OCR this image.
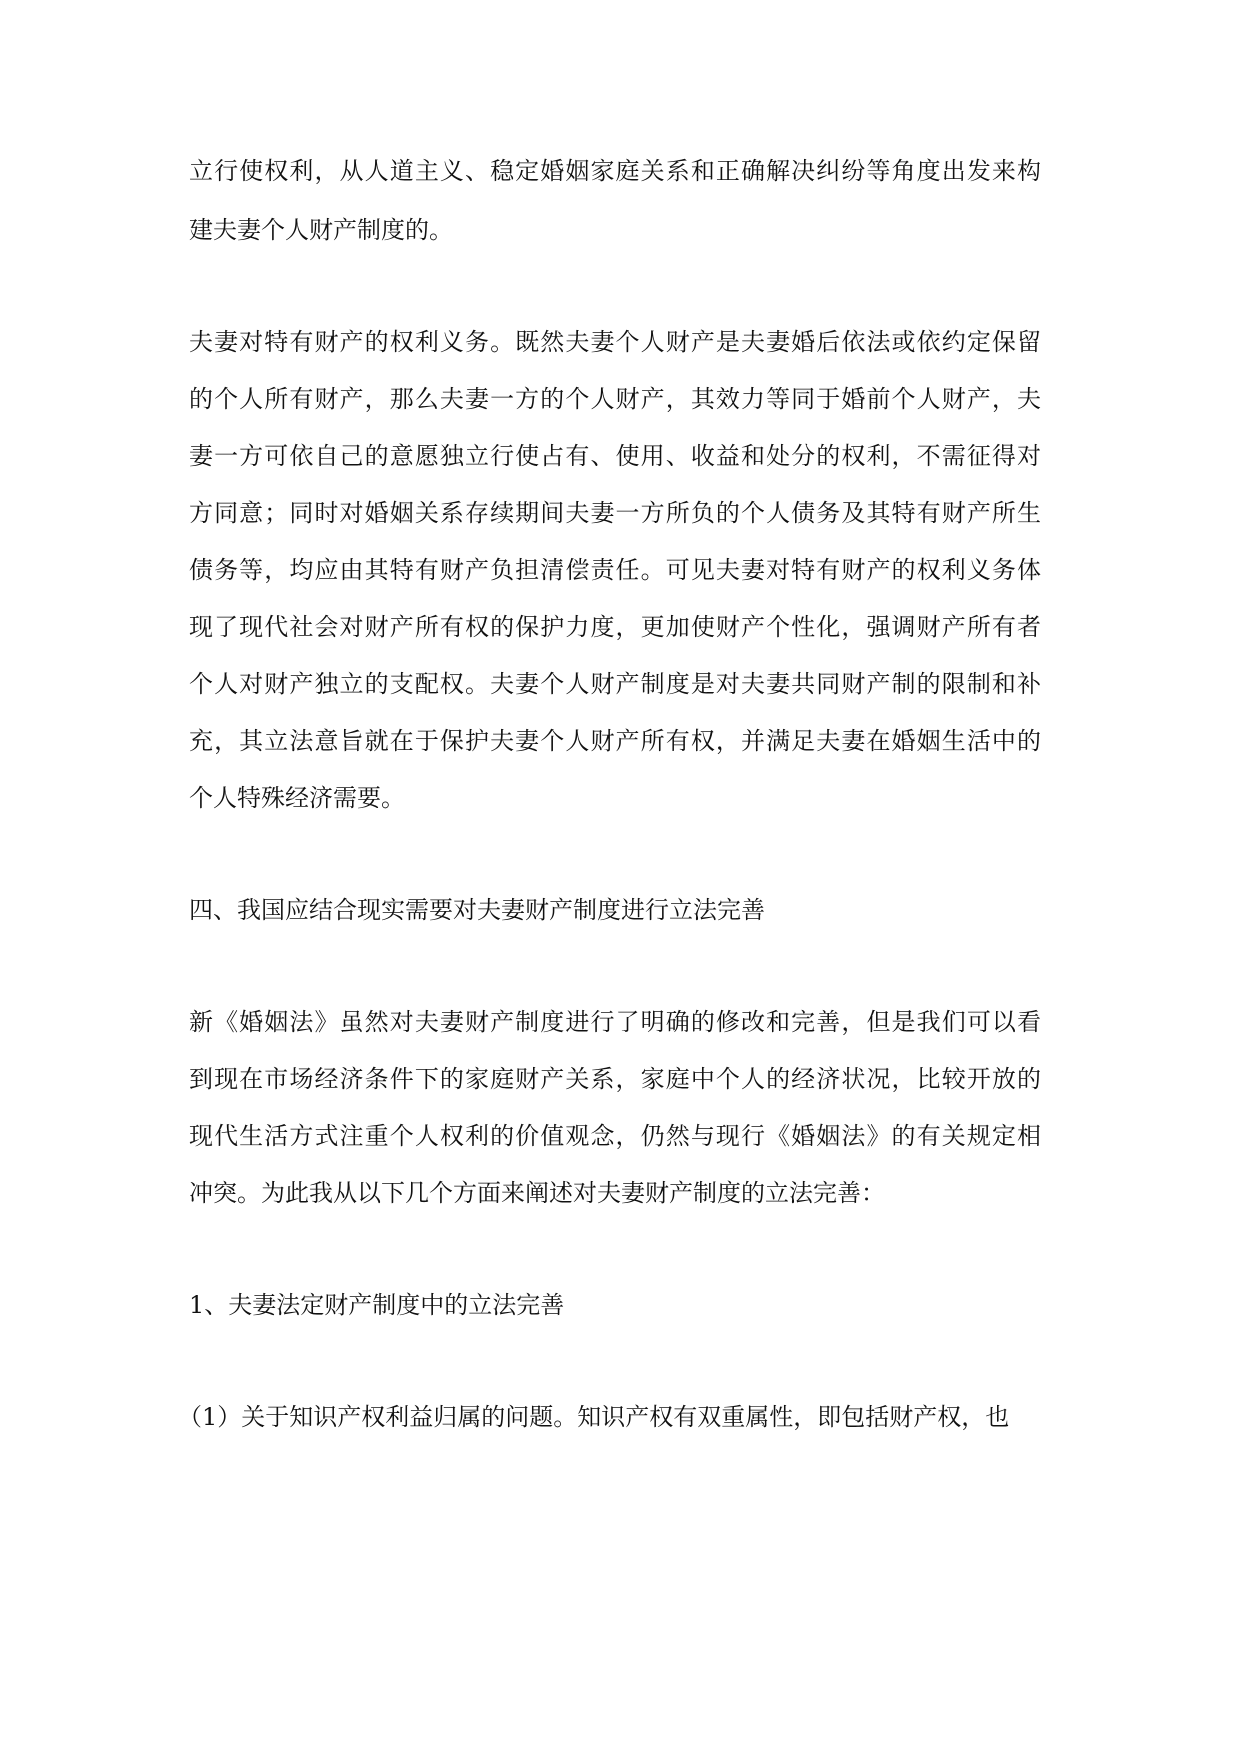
立行使权利，从人道主义、稳定婚姻家庭关系和正确解决纠纷等角度出发来构

建夫妻个人财产制度的。

夫妻对特有财产的权利义务。既然夫妻个人财产是夫妻婚后依法或依约定保留

的个人所有财产，那么夫妻一方的个人财产，其效力等同于婚前个人财产，夫

妻一方可依自己的意愿独立行使占有、使用、收益和处分的权利，不需征得对

方同意；同时对婚姻关系存续期间夫妻一方所负的个人债务及其特有财产所生

债务等，均应由其特有财产负担清偿责任。可见夫妻对特有财产的权利义务体

现了现代社会对财产所有权的保护力度，更加使财产个性化，强调财产所有者

个人对财产独立的支配权。夫妻个人财产制度是对夫妻共同财产制的限制和补

充，其立法意旨就在于保护夫妻个人财产所有权，并满足夫妻在婚姻生活中的

个人特殊经济需要。

四、我国应结合现实需要对夫妻财产制度进行立法完善

新《婚姻法》虽然对夫妻财产制度进行了明确的修改和完善，但是我们可以看

到现在市场经济条件下的家庭财产关系，家庭中个人的经济状况，比较开放的

现代生活方式注重个人权利的价值观念，仍然与现行《婚姻法》的有关规定相

冲突。为此我从以下几个方面来阐述对夫妻财产制度的立法完善：

1、夫妻法定财产制度中的立法完善

（1）关于知识产权利益归属的问题。知识产权有双重属性，即包括财产权，也
